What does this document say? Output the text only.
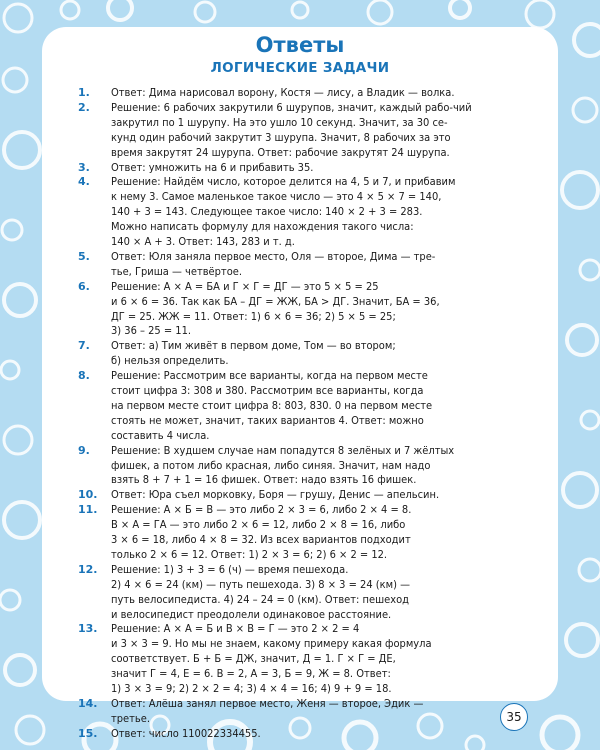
Ответы
ЛОГИЧЕСКИЕ ЗАДАЧИ
1.	Ответ: Дима нарисовал ворону, Костя — лису, а Владик — волка.
2.	Решение: 6 рабочих закрутили 6 шурупов, значит, каждый рабо-чий
закрутил по 1 шурупу. На это ушло 10 секунд. Значит, за 30 се-
кунд один рабочий закрутит 3 шурупа. Значит, 8 рабочих за это
время закрутят 24 шурупа. Ответ: рабочие закрутят 24 шурупа.
3.	Ответ: умножить на 6 и прибавить 35.
4.	Решение: Найдём число, которое делится на 4, 5 и 7, и прибавим
к нему 3. Самое маленькое такое число — это 4 × 5 × 7 = 140,
140 + 3 = 143. Следующее такое число: 140 × 2 + 3 = 283.
Можно написать формулу для нахождения такого числа:
140 × A + 3. Ответ: 143, 283 и т. д.
5.	Ответ: Юля заняла первое место, Оля — второе, Дима — тре-
тье, Гриша — четвёртое.
6.	Решение: A × A = БА и Г × Г = ДГ — это 5 × 5 = 25
и 6 × 6 = 36. Так как БА – ДГ = ЖЖ, БА > ДГ. Значит, БА = 36,
ДГ = 25. ЖЖ = 11. Ответ: 1) 6 × 6 = 36; 2) 5 × 5 = 25;
3) 36 – 25 = 11.
7.	Ответ: а) Тим живёт в первом доме, Том — во втором;
б) нельзя определить.
8.	Решение: Рассмотрим все варианты, когда на первом месте
стоит цифра 3: 308 и 380. Рассмотрим все варианты, когда
на первом месте стоит цифра 8: 803, 830. 0 на первом месте
стоять не может, значит, таких вариантов 4. Ответ: можно
составить 4 числа.
9.	Решение: В худшем случае нам попадутся 8 зелёных и 7 жёлтых
фишек, а потом либо красная, либо синяя. Значит, нам надо
взять 8 + 7 + 1 = 16 фишек. Ответ: надо взять 16 фишек.
10.	Ответ: Юра съел морковку, Боря — грушу, Денис — апельсин.
11.	Решение: A × Б = В — это либо 2 × 3 = 6, либо 2 × 4 = 8.
В × A = ГА — это либо 2 × 6 = 12, либо 2 × 8 = 16, либо
3 × 6 = 18, либо 4 × 8 = 32. Из всех вариантов подходит
только 2 × 6 = 12. Ответ: 1) 2 × 3 = 6; 2) 6 × 2 = 12.
12.	Решение: 1) 3 + 3 = 6 (ч) — время пешехода.
2) 4 × 6 = 24 (км) — путь пешехода. 3) 8 × 3 = 24 (км) —
путь велосипедиста. 4) 24 – 24 = 0 (км). Ответ: пешеход
и велосипедист преодолели одинаковое расстояние.
13.	Решение: A × A = Б и В × В = Г — это 2 × 2 = 4
и 3 × 3 = 9. Но мы не знаем, какому примеру какая формула
соответствует. Б + Б = ДЖ, значит, Д = 1. Г × Г = ДЕ,
значит Г = 4, Е = 6. В = 2, А = 3, Б = 9, Ж = 8. Ответ:
1) 3 × 3 = 9; 2) 2 × 2 = 4; 3) 4 × 4 = 16; 4) 9 + 9 = 18.
14.	Ответ: Алёша занял первое место, Женя — второе, Эдик —
третье.
15.	Ответ: число 110022334455.
35
